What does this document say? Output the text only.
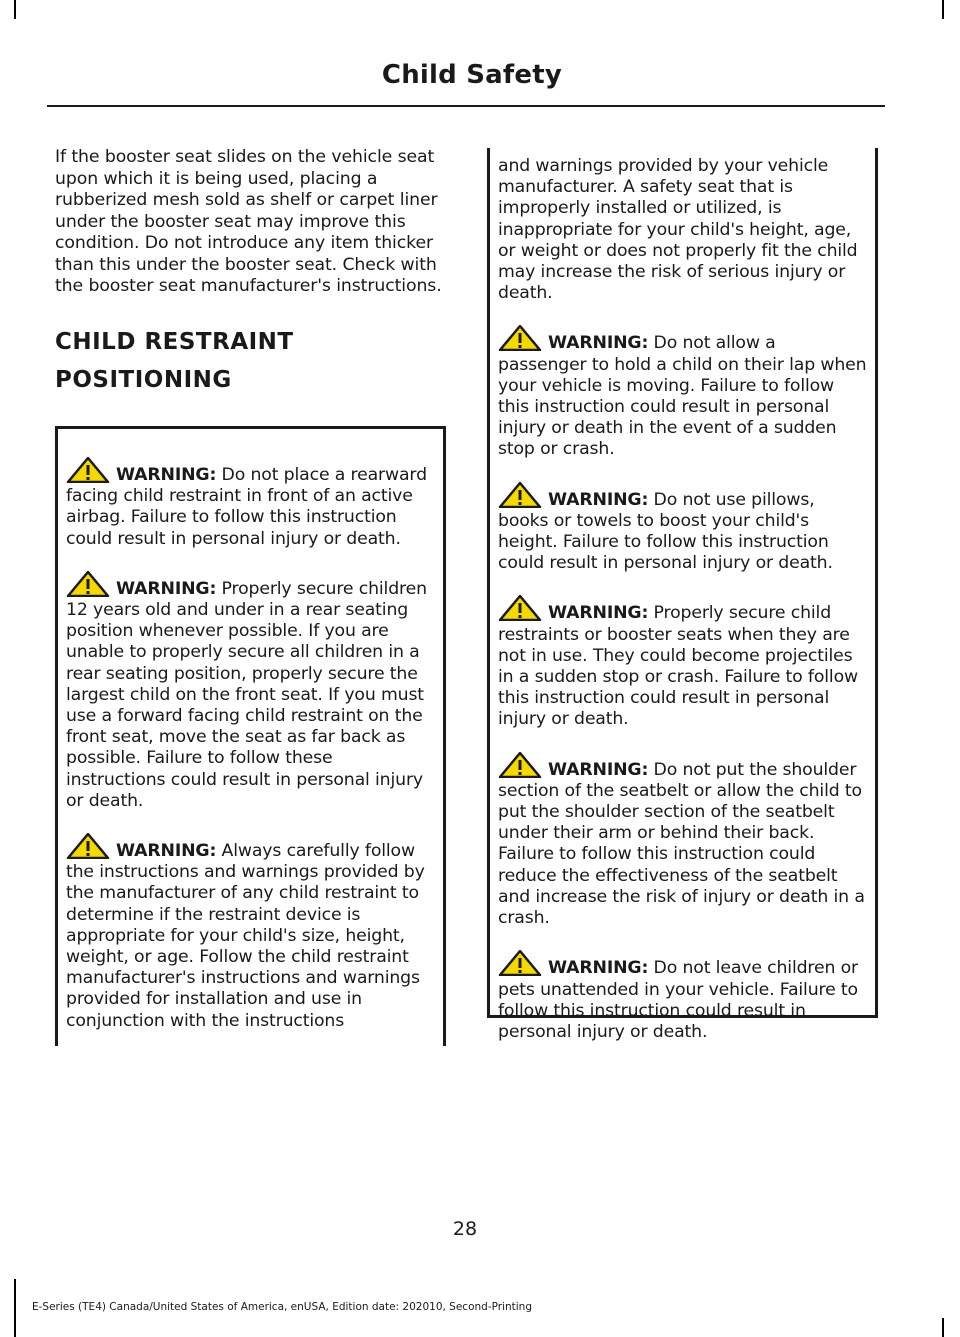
Child Safety

If the booster seat slides on the vehicle seat upon which it is being used, placing a rubberized mesh sold as shelf or carpet liner under the booster seat may improve this condition. Do not introduce any item thicker than this under the booster seat. Check with the booster seat manufacturer's instructions.

CHILD RESTRAINT
POSITIONING
WARNING: Do not place a rearward facing child restraint in front of an active airbag. Failure to follow this instruction could result in personal injury or death.
WARNING: Properly secure children 12 years old and under in a rear seating position whenever possible. If you are unable to properly secure all children in a rear seating position, properly secure the largest child on the front seat. If you must use a forward facing child restraint on the front seat, move the seat as far back as possible. Failure to follow these instructions could result in personal injury or death.
WARNING: Always carefully follow the instructions and warnings provided by the manufacturer of any child restraint to determine if the restraint device is appropriate for your child's size, height, weight, or age. Follow the child restraint manufacturer's instructions and warnings provided for installation and use in conjunction with the instructions

and warnings provided by your vehicle manufacturer. A safety seat that is improperly installed or utilized, is inappropriate for your child's height, age, or weight or does not properly fit the child may increase the risk of serious injury or death.

WARNING: Do not allow a passenger to hold a child on their lap when your vehicle is moving. Failure to follow this instruction could result in personal injury or death in the event of a sudden stop or crash.
WARNING: Do not use pillows, books or towels to boost your child's height. Failure to follow this instruction could result in personal injury or death.
WARNING: Properly secure child restraints or booster seats when they are not in use. They could become projectiles in a sudden stop or crash. Failure to follow this instruction could result in personal injury or death.
WARNING: Do not put the shoulder section of the seatbelt or allow the child to put the shoulder section of the seatbelt under their arm or behind their back. Failure to follow this instruction could reduce the effectiveness of the seatbelt and increase the risk of injury or death in a crash.
WARNING: Do not leave children or pets unattended in your vehicle. Failure to follow this instruction could result in personal injury or death.
28
E-Series (TE4) Canada/United States of America, enUSA, Edition date: 202010, Second-Printing
